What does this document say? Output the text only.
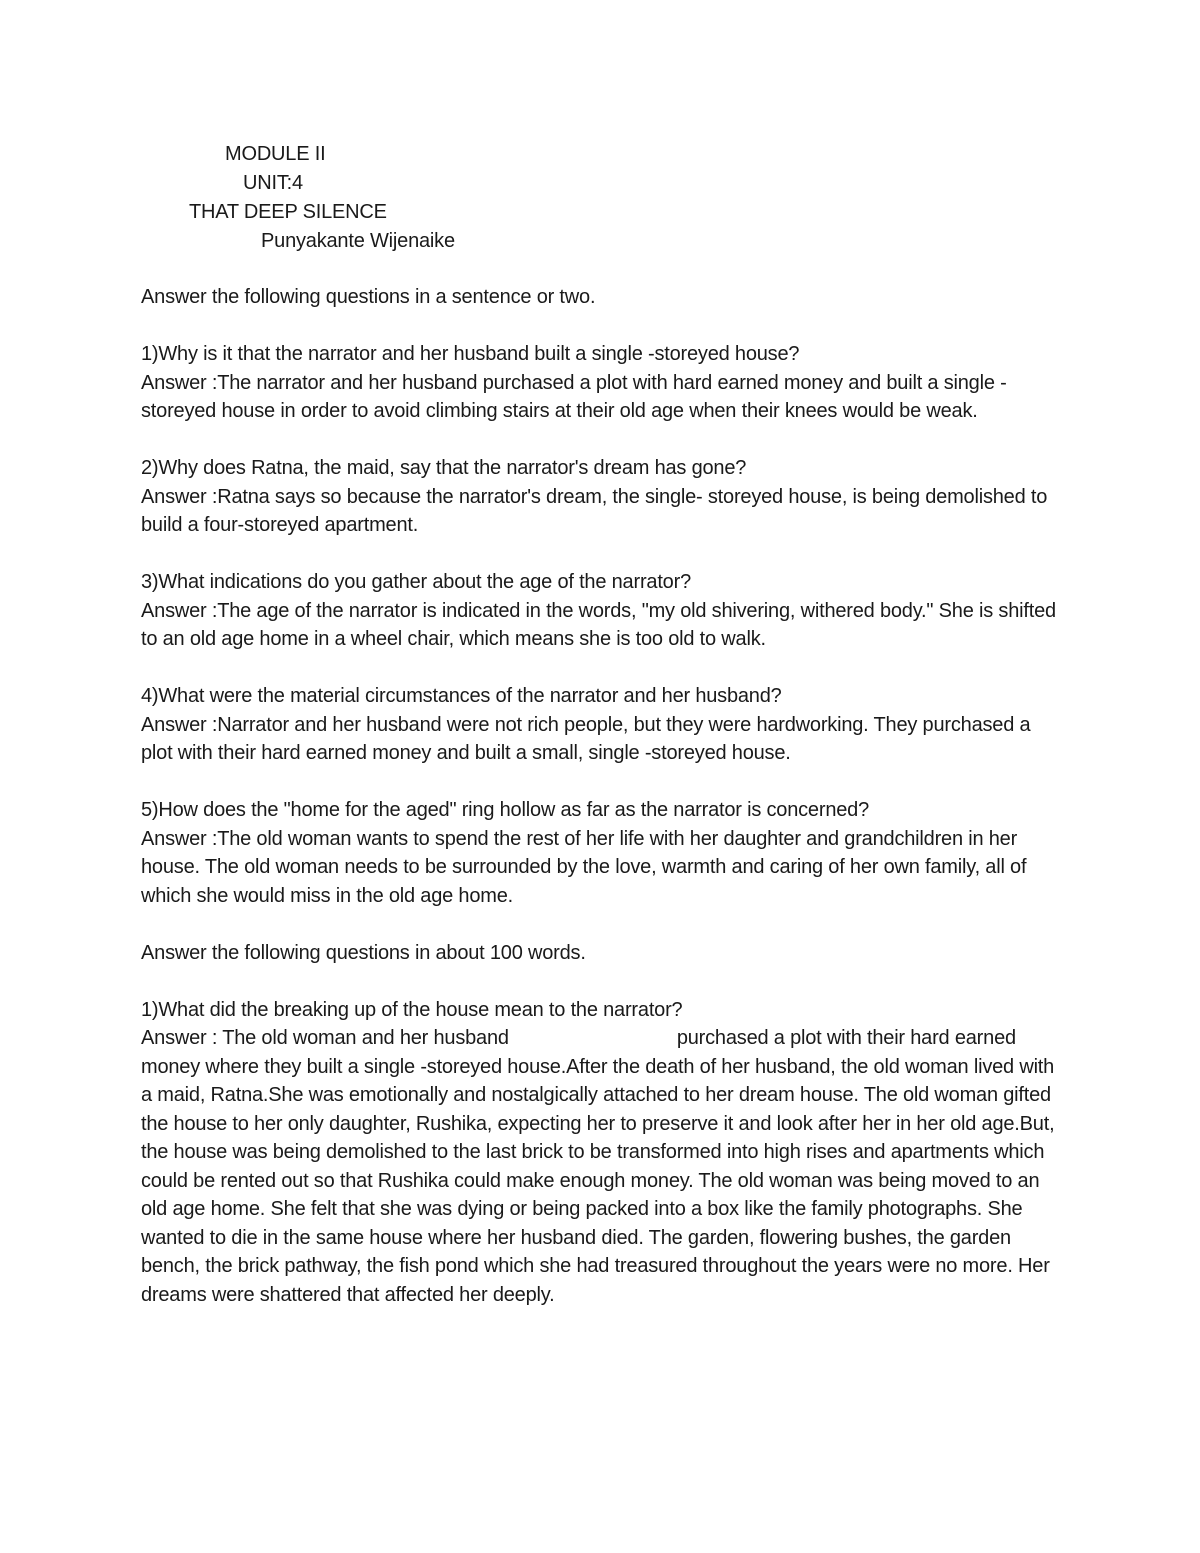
MODULE II
UNIT:4
THAT DEEP SILENCE
Punyakante Wijenaike

Answer the following questions in a sentence or two.

1)Why is it that the narrator and her husband built a single -storeyed house?

Answer :The narrator and her husband purchased a plot with hard earned money and built a single -storeyed house in order to avoid climbing stairs at their old age when their knees would be weak.

2)Why does Ratna, the maid, say that the narrator's dream has gone?

Answer :Ratna says so because the narrator's dream, the single- storeyed house, is being demolished to build a four-storeyed apartment.

3)What indications do you gather about the age of the narrator?

Answer :The age of the narrator is indicated in the words, "my old shivering, withered body." She is shifted to an old age home in a wheel chair, which means she is too old to walk.

4)What were the material circumstances of the narrator and her husband?

Answer :Narrator and her husband were not rich people, but they were hardworking. They purchased a plot with their hard earned money and built a small, single -storeyed house.

5)How does the "home for the aged" ring hollow as far as the narrator is concerned?

Answer :The old woman wants to spend the rest of her life with her daughter and grandchildren in her house. The old woman needs to be surrounded by the love, warmth and caring of her own family, all of which she would miss in the old age home.

Answer the following questions in about 100 words.

1)What did the breaking up of the house mean to the narrator?

Answer : The old woman and her husband	purchased a plot with their hard earned money where they built a single -storeyed house.After the death of her husband, the old woman lived with a maid, Ratna.She was emotionally and nostalgically attached to her dream house. The old woman gifted the house to her only daughter, Rushika, expecting her to preserve it and look after her in her old age.But, the house was being demolished to the last brick to be transformed into high rises and apartments which could be rented out so that Rushika could make enough money. The old woman was being moved to an old age home. She felt that she was dying or being packed into a box like the family photographs. She wanted to die in the same house where her husband died. The garden, flowering bushes, the garden bench, the brick pathway, the fish pond which she had treasured throughout the years were no more. Her dreams were shattered that affected her deeply.
